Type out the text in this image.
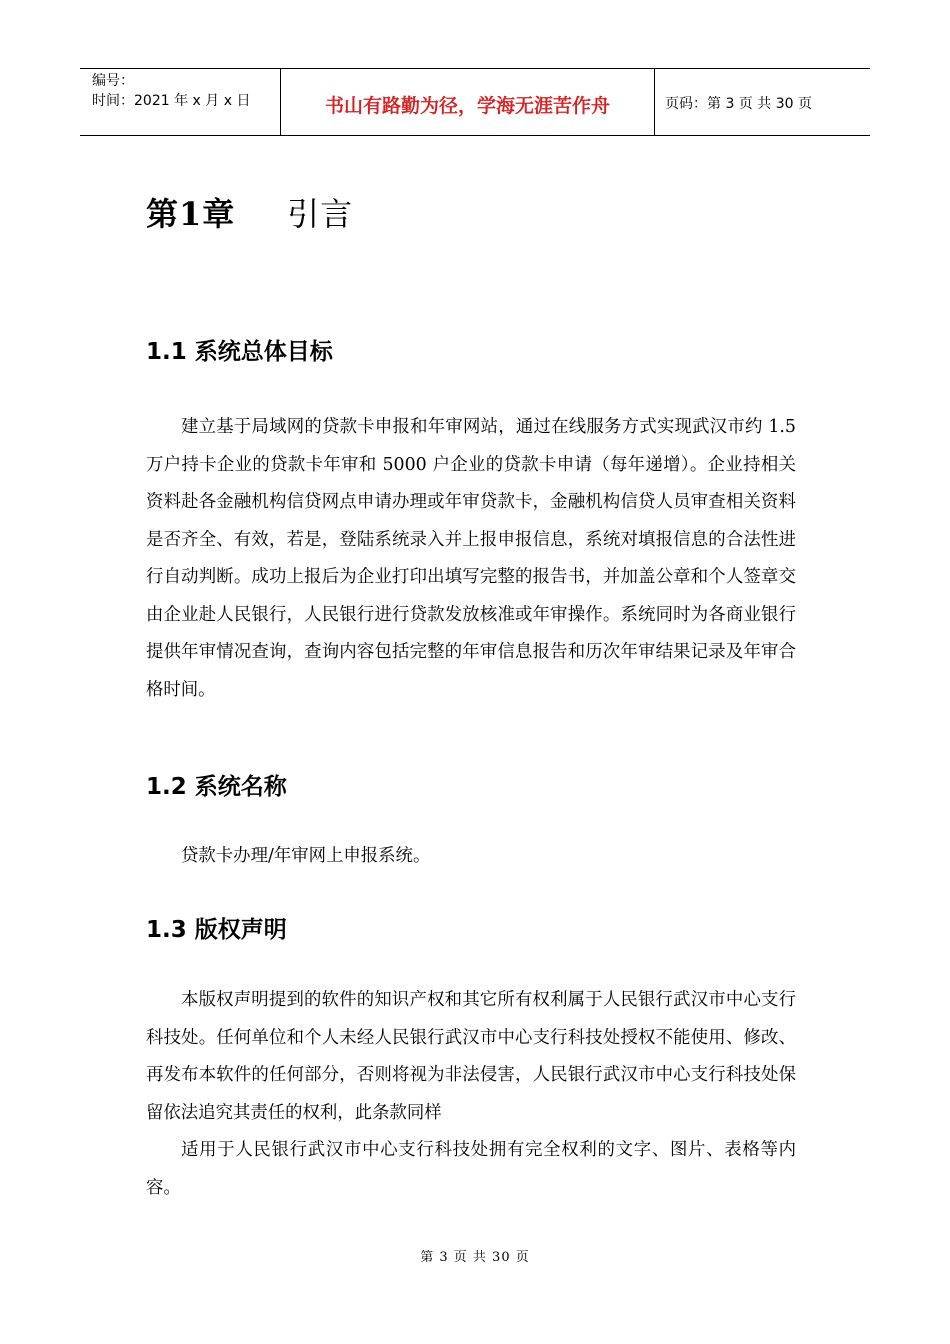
编号：
时间：2021 年 x 月 x 日	书山有路勤为径，学海无涯苦作舟	页码：第 3 页 共 30 页
第1章 引言
1.1 系统总体目标

建立基于局域网的贷款卡申报和年审网站，通过在线服务方式实现武汉市约 1.5 万户持卡企业的贷款卡年审和 5000 户企业的贷款卡申请（每年递增）。企业持相关资料赴各金融机构信贷网点申请办理或年审贷款卡，金融机构信贷人员审查相关资料是否齐全、有效，若是，登陆系统录入并上报申报信息，系统对填报信息的合法性进行自动判断。成功上报后为企业打印出填写完整的报告书，并加盖公章和个人签章交由企业赴人民银行，人民银行进行贷款发放核准或年审操作。系统同时为各商业银行提供年审情况查询，查询内容包括完整的年审信息报告和历次年审结果记录及年审合格时间。

1.2 系统名称

贷款卡办理/年审网上申报系统。

1.3 版权声明

本版权声明提到的软件的知识产权和其它所有权利属于人民银行武汉市中心支行科技处。任何单位和个人未经人民银行武汉市中心支行科技处授权不能使用、修改、再发布本软件的任何部分，否则将视为非法侵害，人民银行武汉市中心支行科技处保留依法追究其责任的权利，此条款同样

适用于人民银行武汉市中心支行科技处拥有完全权利的文字、图片、表格等内容。

第 3 页 共 30 页
